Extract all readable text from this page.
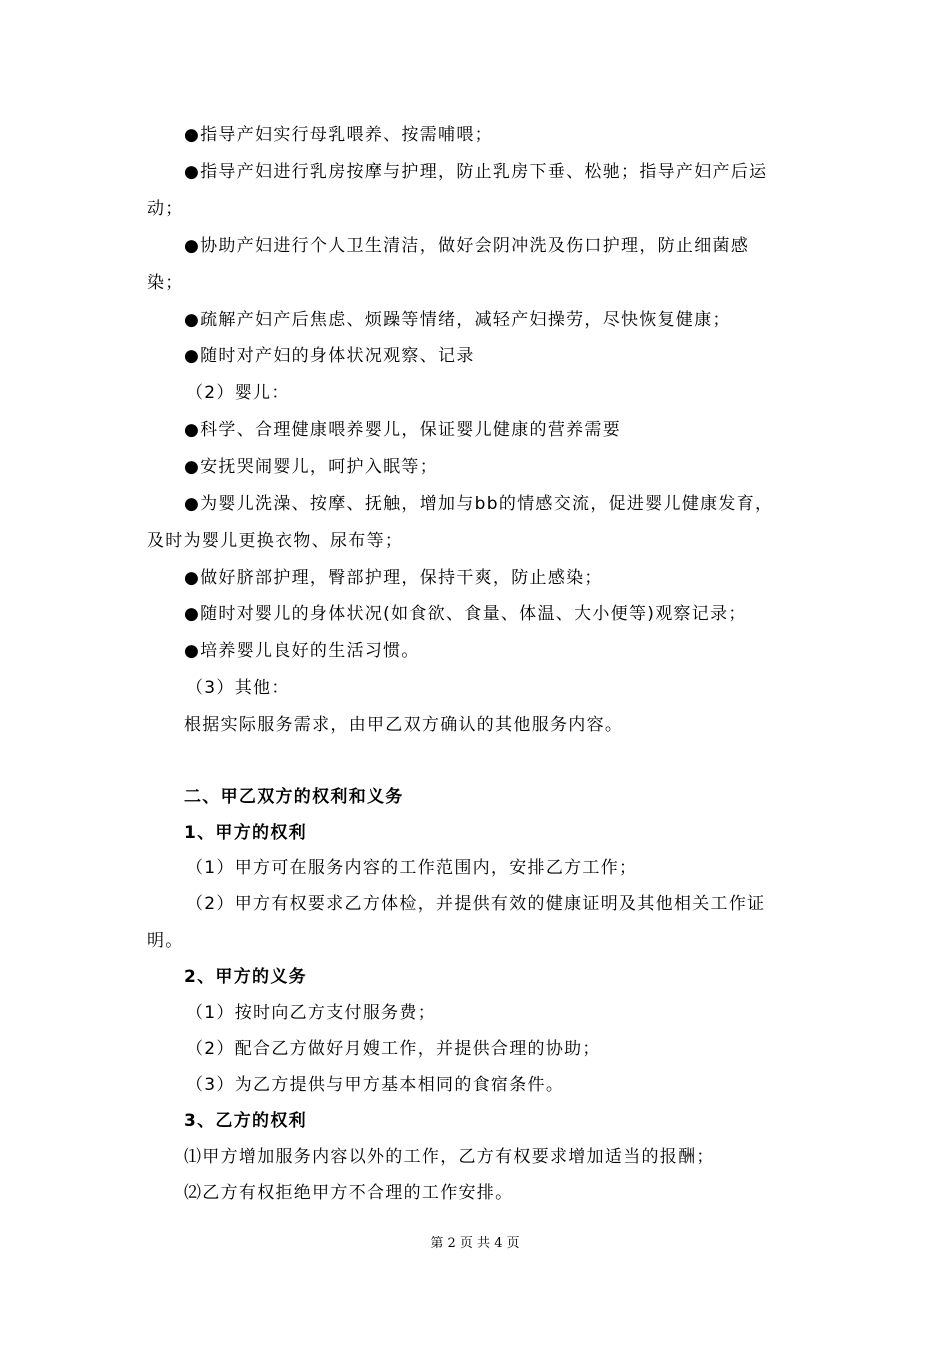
●指导产妇实行母乳喂养、按需哺喂；
●指导产妇进行乳房按摩与护理，防止乳房下垂、松驰；指导产妇产后运
动；
●协助产妇进行个人卫生清洁，做好会阴冲洗及伤口护理，防止细菌感
染；
●疏解产妇产后焦虑、烦躁等情绪，减轻产妇操劳，尽快恢复健康；
●随时对产妇的身体状况观察、记录
（2）婴儿：
●科学、合理健康喂养婴儿，保证婴儿健康的营养需要
●安抚哭闹婴儿，呵护入眠等；
●为婴儿洗澡、按摩、抚触，增加与bb的情感交流，促进婴儿健康发育，
及时为婴儿更换衣物、尿布等；
●做好脐部护理，臀部护理，保持干爽，防止感染；
●随时对婴儿的身体状况(如食欲、食量、体温、大小便等)观察记录；
●培养婴儿良好的生活习惯。
（3）其他：
根据实际服务需求，由甲乙双方确认的其他服务内容。
二、甲乙双方的权利和义务
1、甲方的权利
（1）甲方可在服务内容的工作范围内，安排乙方工作；
（2）甲方有权要求乙方体检，并提供有效的健康证明及其他相关工作证
明。
2、甲方的义务
（1）按时向乙方支付服务费；
（2）配合乙方做好月嫂工作，并提供合理的协助；
（3）为乙方提供与甲方基本相同的食宿条件。
3、乙方的权利
⑴甲方增加服务内容以外的工作，乙方有权要求增加适当的报酬；
⑵乙方有权拒绝甲方不合理的工作安排。
第 2 页 共 4 页
